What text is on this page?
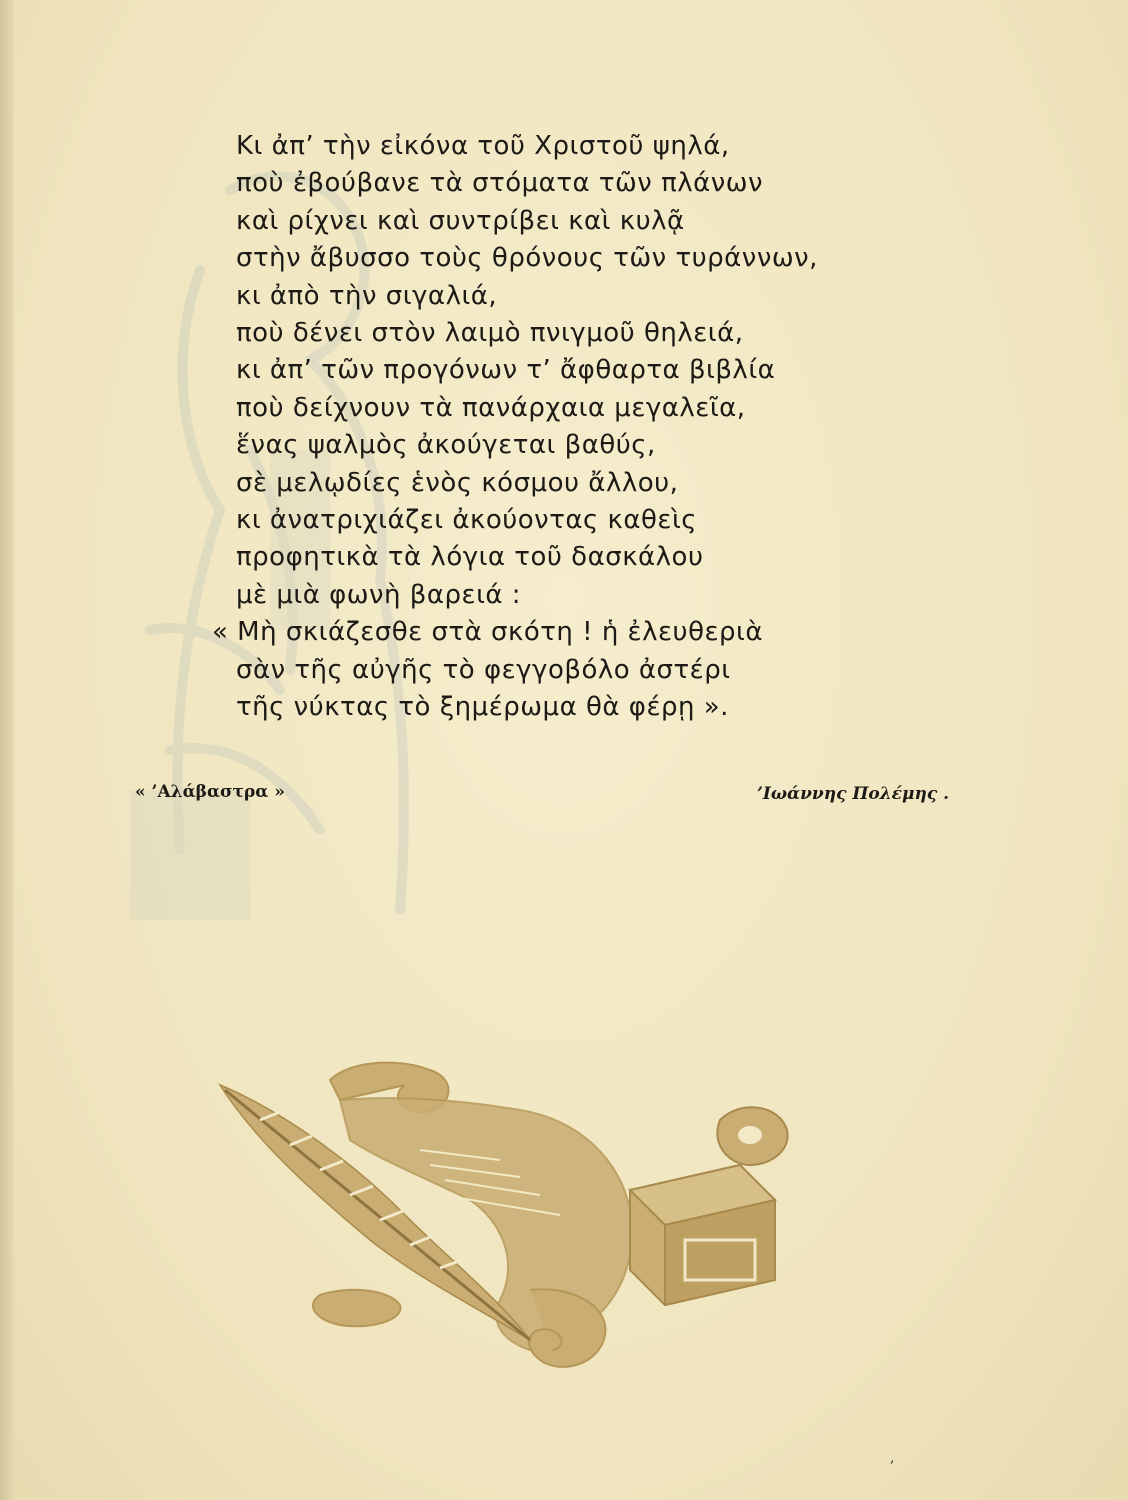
Κι ἀπ’ τὴν εἰκόνα τοῦ Χριστοῦ ψηλά,
ποὺ ἐβούβανε τὰ στόματα τῶν πλάνων
καὶ ρίχνει καὶ συντρίβει καὶ κυλᾷ
στὴν ἄβυσσο τοὺς θρόνους τῶν τυράννων,
κι ἀπὸ τὴν σιγαλιά,
ποὺ δένει στὸν λαιμὸ πνιγμοῦ θηλειά,
κι ἀπ’ τῶν προγόνων τ’ ἄφθαρτα βιβλία
ποὺ δείχνουν τὰ πανάρχαια μεγαλεῖα,
ἕνας ψαλμὸς ἀκούγεται βαθύς,
σὲ μελῳδίες ἑνὸς κόσμου ἄλλου,
κι ἀνατριχιάζει ἀκούοντας καθεὶς
προφητικὰ τὰ λόγια τοῦ δασκάλου
μὲ μιὰ φωνὴ βαρειά :
« Μὴ σκιάζεσθε στὰ σκότη ! ἡ ἐλευθεριὰ
σὰν τῆς αὐγῆς τὸ φεγγοβόλο ἀστέρι
τῆς νύκτας τὸ ξημέρωμα θὰ φέρῃ ».
« ’Αλάβαστρα »	’Ιωάννης Πολέμης .
,
